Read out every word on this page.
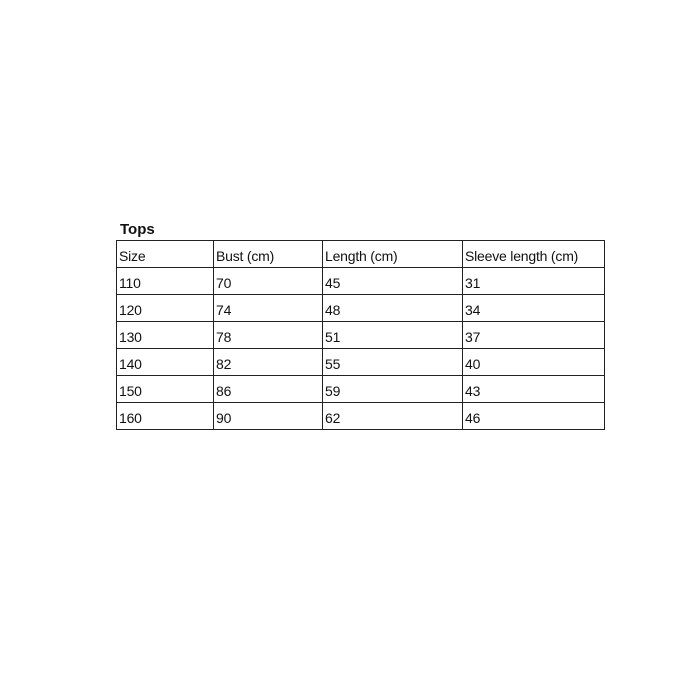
Tops
Size	Bust (cm)	Length (cm)	Sleeve length (cm)
110	70	45	31
120	74	48	34
130	78	51	37
140	82	55	40
150	86	59	43
160	90	62	46
